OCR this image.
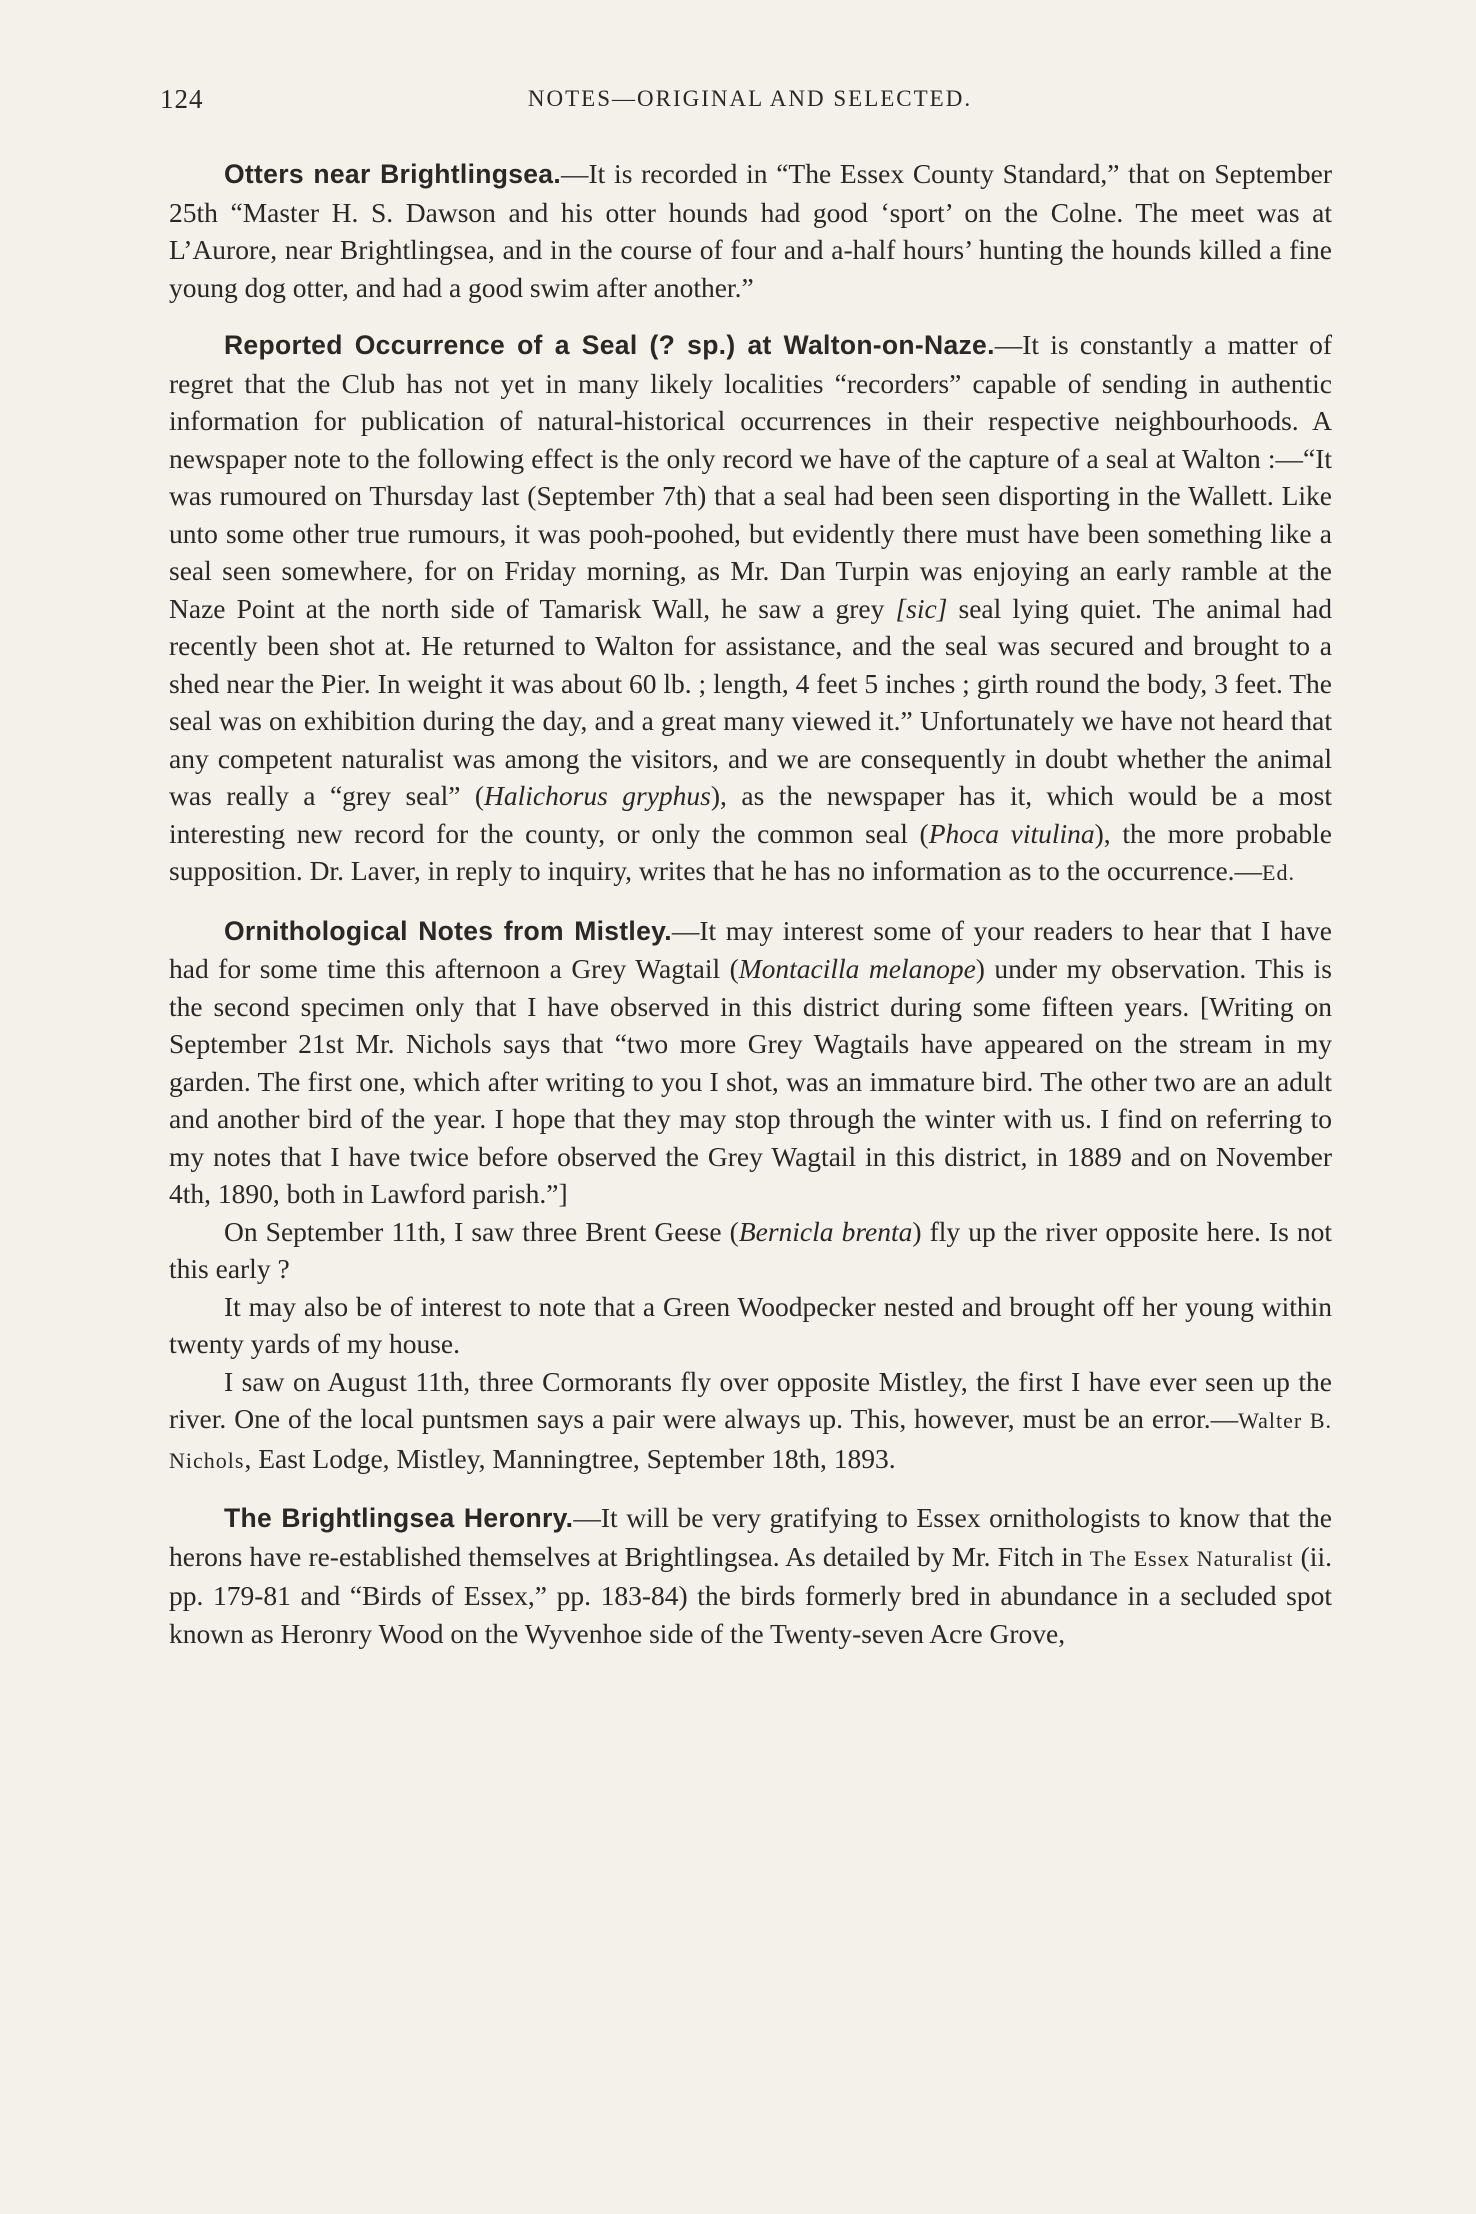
124	NOTES—ORIGINAL AND SELECTED.

Otters near Brightlingsea.—It is recorded in “The Essex County Standard,” that on September 25th “Master H. S. Dawson and his otter hounds had good ‘sport’ on the Colne. The meet was at L’Aurore, near Brightlingsea, and in the course of four and a-half hours’ hunting the hounds killed a fine young dog otter, and had a good swim after another.”

Reported Occurrence of a Seal (? sp.) at Walton-on-Naze.—It is constantly a matter of regret that the Club has not yet in many likely localities “recorders” capable of sending in authentic information for publication of natural-historical occurrences in their respective neighbourhoods. A newspaper note to the following effect is the only record we have of the capture of a seal at Walton :—“It was rumoured on Thursday last (September 7th) that a seal had been seen disporting in the Wallett. Like unto some other true rumours, it was pooh-poohed, but evidently there must have been something like a seal seen somewhere, for on Friday morning, as Mr. Dan Turpin was enjoying an early ramble at the Naze Point at the north side of Tamarisk Wall, he saw a grey [sic] seal lying quiet. The animal had recently been shot at. He returned to Walton for assistance, and the seal was secured and brought to a shed near the Pier. In weight it was about 60 lb. ; length, 4 feet 5 inches ; girth round the body, 3 feet. The seal was on exhibition during the day, and a great many viewed it.” Unfortunately we have not heard that any competent naturalist was among the visitors, and we are consequently in doubt whether the animal was really a “grey seal” (Halichorus gryphus), as the newspaper has it, which would be a most interesting new record for the county, or only the common seal (Phoca vitulina), the more probable supposition. Dr. Laver, in reply to inquiry, writes that he has no information as to the occurrence.—Ed.

Ornithological Notes from Mistley.—It may interest some of your readers to hear that I have had for some time this afternoon a Grey Wagtail (Montacilla melanope) under my observation. This is the second specimen only that I have observed in this district during some fifteen years. [Writing on September 21st Mr. Nichols says that “two more Grey Wagtails have appeared on the stream in my garden. The first one, which after writing to you I shot, was an immature bird. The other two are an adult and another bird of the year. I hope that they may stop through the winter with us. I find on referring to my notes that I have twice before observed the Grey Wagtail in this district, in 1889 and on November 4th, 1890, both in Lawford parish.”]

On September 11th, I saw three Brent Geese (Bernicla brenta) fly up the river opposite here. Is not this early ?

It may also be of interest to note that a Green Woodpecker nested and brought off her young within twenty yards of my house.

I saw on August 11th, three Cormorants fly over opposite Mistley, the first I have ever seen up the river. One of the local puntsmen says a pair were always up. This, however, must be an error.—Walter B. Nichols, East Lodge, Mistley, Manningtree, September 18th, 1893.

The Brightlingsea Heronry.—It will be very gratifying to Essex ornithologists to know that the herons have re-established themselves at Brightlingsea. As detailed by Mr. Fitch in The Essex Naturalist (ii. pp. 179-81 and “Birds of Essex,” pp. 183-84) the birds formerly bred in abundance in a secluded spot known as Heronry Wood on the Wyvenhoe side of the Twenty-seven Acre Grove,
